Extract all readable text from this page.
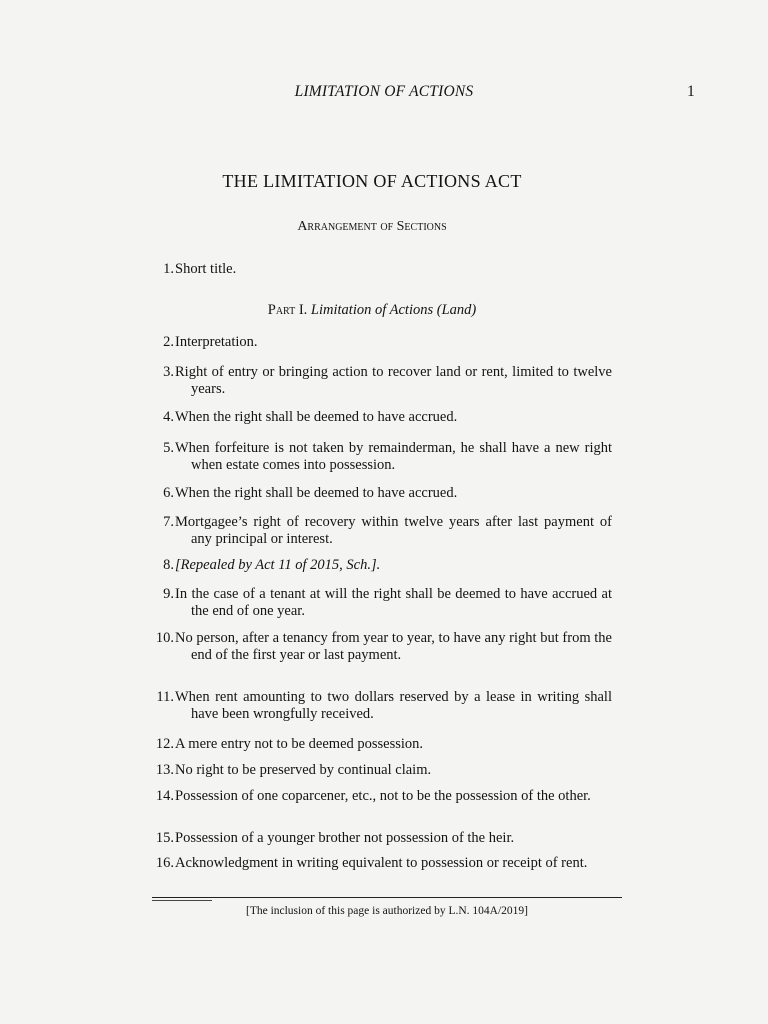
LIMITATION OF ACTIONS	1
THE LIMITATION OF ACTIONS ACT
Arrangement of Sections
1. Short title.
Part I. Limitation of Actions (Land)
2. Interpretation.
3. Right of entry or bringing action to recover land or rent, limited to twelve years.
4. When the right shall be deemed to have accrued.
5. When forfeiture is not taken by remainderman, he shall have a new right when estate comes into possession.
6. When the right shall be deemed to have accrued.
7. Mortgagee’s right of recovery within twelve years after last payment of any principal or interest.
8. [Repealed by Act 11 of 2015, Sch.].
9. In the case of a tenant at will the right shall be deemed to have accrued at the end of one year.
10. No person, after a tenancy from year to year, to have any right but from the end of the first year or last payment.
11. When rent amounting to two dollars reserved by a lease in writing shall have been wrongfully received.
12. A mere entry not to be deemed possession.
13. No right to be preserved by continual claim.
14. Possession of one coparcener, etc., not to be the possession of the other.
15. Possession of a younger brother not possession of the heir.
16. Acknowledgment in writing equivalent to possession or receipt of rent.
[The inclusion of this page is authorized by L.N. 104A/2019]
